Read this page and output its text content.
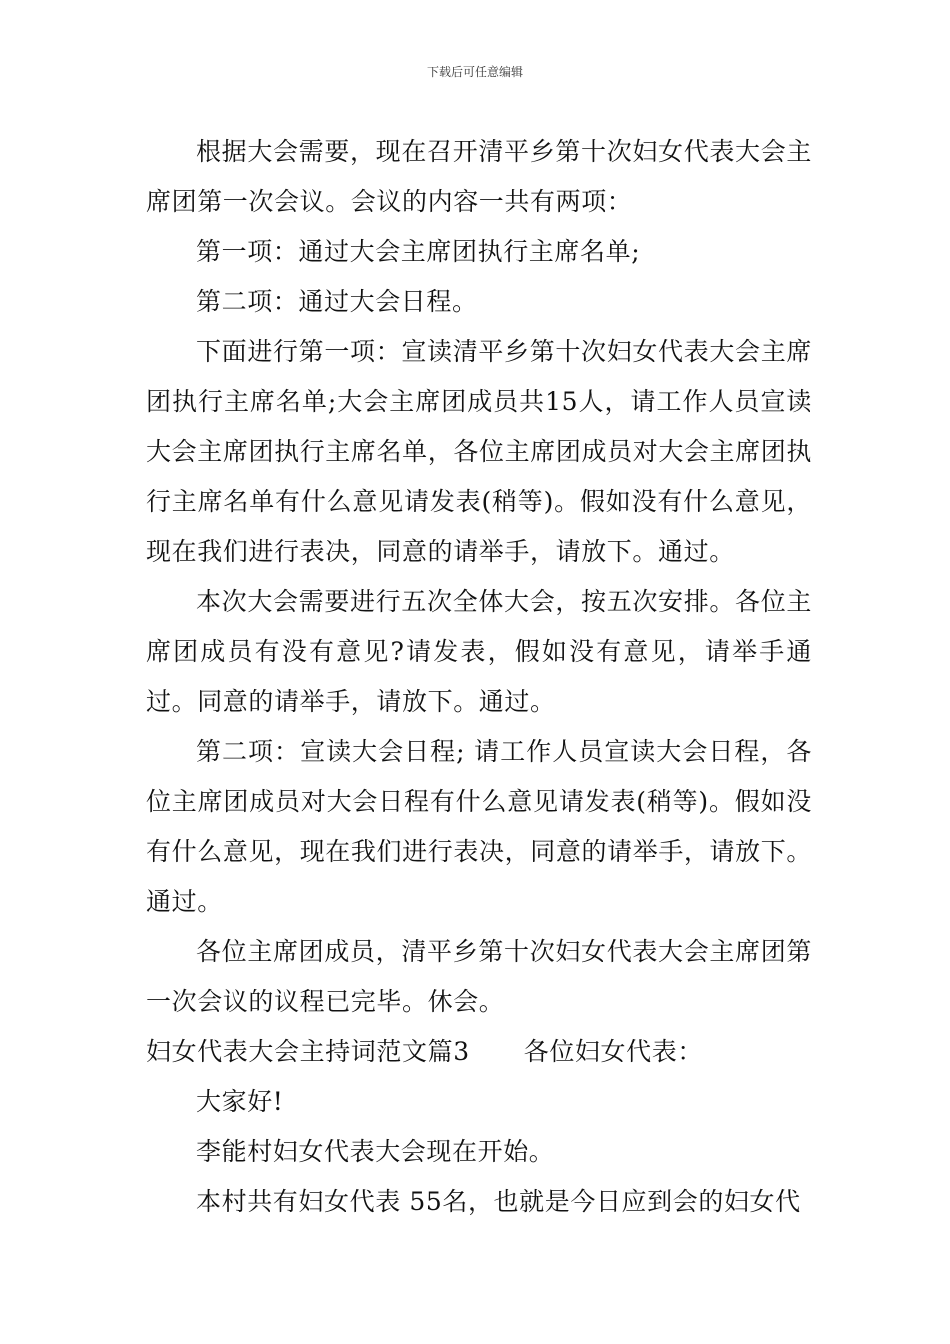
下载后可任意编辑

根据大会需要，现在召开清平乡第十次妇女代表大会主席团第一次会议。会议的内容一共有两项：

第一项：通过大会主席团执行主席名单;

第二项：通过大会日程。

下面进行第一项：宣读清平乡第十次妇女代表大会主席团执行主席名单;大会主席团成员共15人，请工作人员宣读大会主席团执行主席名单，各位主席团成员对大会主席团执行主席名单有什么意见请发表(稍等)。假如没有什么意见，现在我们进行表决，同意的请举手，请放下。通过。

本次大会需要进行五次全体大会，按五次安排。各位主席团成员有没有意见?请发表，假如没有意见，请举手通过。同意的请举手，请放下。通过。

第二项：宣读大会日程; 请工作人员宣读大会日程，各位主席团成员对大会日程有什么意见请发表(稍等)。假如没有什么意见，现在我们进行表决，同意的请举手，请放下。通过。

各位主席团成员，清平乡第十次妇女代表大会主席团第一次会议的议程已完毕。休会。

妇女代表大会主持词范文篇3 各位妇女代表：

大家好!

李能村妇女代表大会现在开始。

本村共有妇女代表 55名，也就是今日应到会的妇女代
